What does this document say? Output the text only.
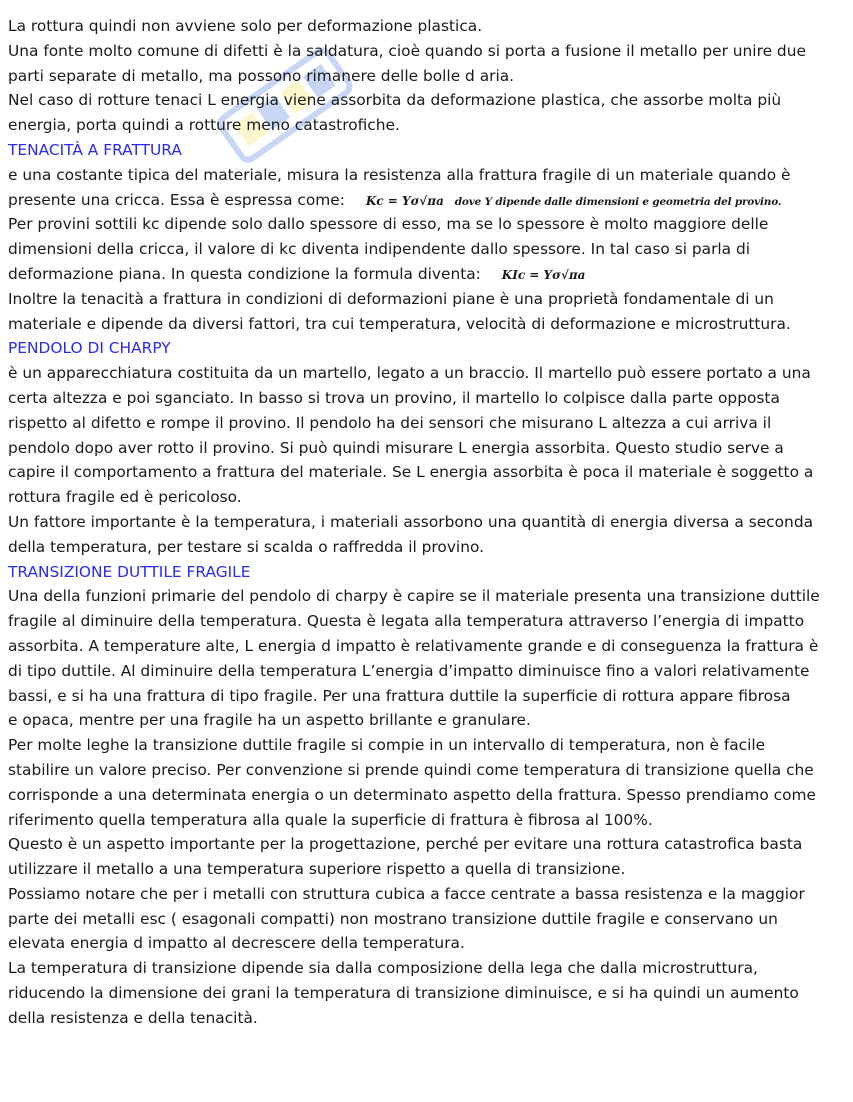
La rottura quindi non avviene solo per deformazione plastica.
Una fonte molto comune di difetti è la saldatura, cioè quando si porta a fusione il metallo per unire due
parti separate di metallo, ma possono rimanere delle bolle d aria.
Nel caso di rotture tenaci L energia viene assorbita da deformazione plastica, che assorbe molta più
energia, porta quindi a rotture meno catastrofiche.
TENACITÀ A FRATTURA
e una costante tipica del materiale, misura la resistenza alla frattura fragile di un materiale quando è
presente una cricca. Essa è espressa come: Kc = Yσ√πa dove Y dipende dalle dimensioni e geometria del provino.
Per provini sottili kc dipende solo dallo spessore di esso, ma se lo spessore è molto maggiore delle
dimensioni della cricca, il valore di kc diventa indipendente dallo spessore. In tal caso si parla di
deformazione piana. In questa condizione la formula diventa: KIc = Yσ√πa
Inoltre la tenacità a frattura in condizioni di deformazioni piane è una proprietà fondamentale di un
materiale e dipende da diversi fattori, tra cui temperatura, velocità di deformazione e microstruttura.
PENDOLO DI CHARPY
è un apparecchiatura costituita da un martello, legato a un braccio. Il martello può essere portato a una
certa altezza e poi sganciato. In basso si trova un provino, il martello lo colpisce dalla parte opposta
rispetto al difetto e rompe il provino. Il pendolo ha dei sensori che misurano L altezza a cui arriva il
pendolo dopo aver rotto il provino. Si può quindi misurare L energia assorbita. Questo studio serve a
capire il comportamento a frattura del materiale. Se L energia assorbita è poca il materiale è soggetto a
rottura fragile ed è pericoloso.
Un fattore importante è la temperatura, i materiali assorbono una quantità di energia diversa a seconda
della temperatura, per testare si scalda o raffredda il provino.
TRANSIZIONE DUTTILE FRAGILE
Una della funzioni primarie del pendolo di charpy è capire se il materiale presenta una transizione duttile
fragile al diminuire della temperatura. Questa è legata alla temperatura attraverso l’energia di impatto
assorbita. A temperature alte, L energia d impatto è relativamente grande e di conseguenza la frattura è
di tipo duttile. Al diminuire della temperatura L’energia d’impatto diminuisce fino a valori relativamente
bassi, e si ha una frattura di tipo fragile. Per una frattura duttile la superficie di rottura appare fibrosa
e opaca, mentre per una fragile ha un aspetto brillante e granulare.
Per molte leghe la transizione duttile fragile si compie in un intervallo di temperatura, non è facile
stabilire un valore preciso. Per convenzione si prende quindi come temperatura di transizione quella che
corrisponde a una determinata energia o un determinato aspetto della frattura. Spesso prendiamo come
riferimento quella temperatura alla quale la superficie di frattura è fibrosa al 100%.
Questo è un aspetto importante per la progettazione, perché per evitare una rottura catastrofica basta
utilizzare il metallo a una temperatura superiore rispetto a quella di transizione.
Possiamo notare che per i metalli con struttura cubica a facce centrate a bassa resistenza e la maggior
parte dei metalli esc ( esagonali compatti) non mostrano transizione duttile fragile e conservano un
elevata energia d impatto al decrescere della temperatura.
La temperatura di transizione dipende sia dalla composizione della lega che dalla microstruttura,
riducendo la dimensione dei grani la temperatura di transizione diminuisce, e si ha quindi un aumento
della resistenza e della tenacità.
